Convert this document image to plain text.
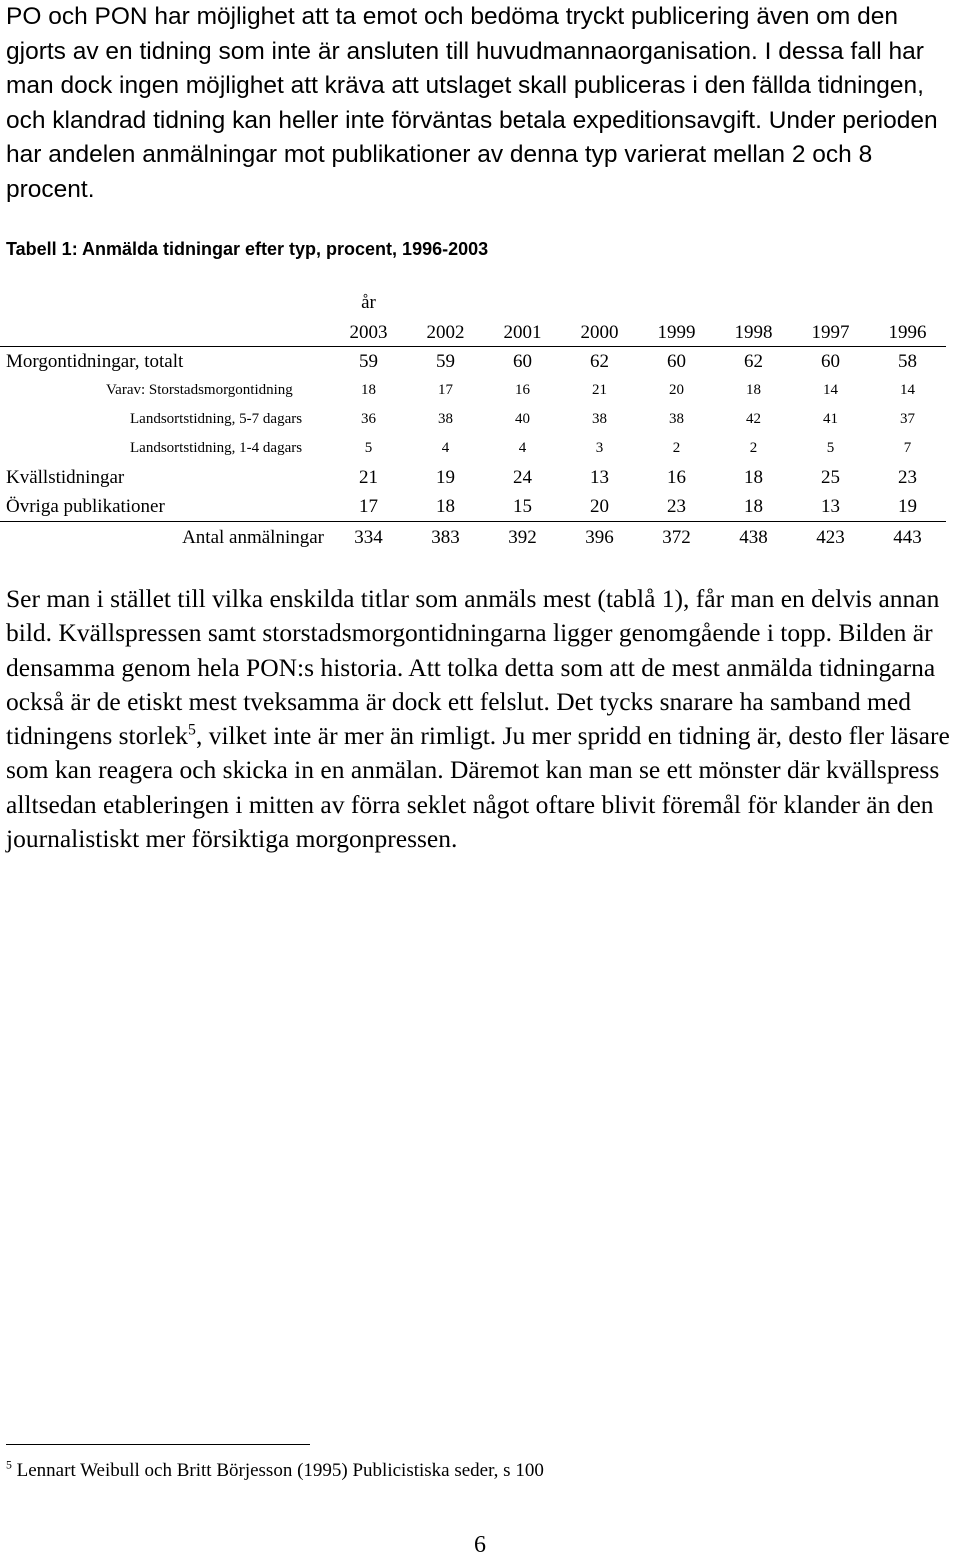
PO och PON har möjlighet att ta emot och bedöma tryckt publicering även om den gjorts av en tidning som inte är ansluten till huvudmannaorganisation. I dessa fall har man dock ingen möjlighet att kräva att utslaget skall publiceras i den fällda tidningen, och klandrad tidning kan heller inte förväntas betala expeditionsavgift. Under perioden har andelen anmälningar mot publikationer av denna typ varierat mellan 2 och 8 procent.

Tabell 1: Anmälda tidningar efter typ, procent, 1996-2003

	år							
	2003	2002	2001	2000	1999	1998	1997	1996
Morgontidningar, totalt	59	59	60	62	60	62	60	58
Varav: Storstadsmorgontidning	18	17	16	21	20	18	14	14
Landsortstidning, 5-7 dagars	36	38	40	38	38	42	41	37
Landsortstidning, 1-4 dagars	5	4	4	3	2	2	5	7
Kvällstidningar	21	19	24	13	16	18	25	23
Övriga publikationer	17	18	15	20	23	18	13	19
Antal anmälningar	334	383	392	396	372	438	423	443

Ser man i stället till vilka enskilda titlar som anmäls mest (tablå 1), får man en delvis annan bild. Kvällspressen samt storstadsmorgontidningarna ligger genomgående i topp. Bilden är densamma genom hela PON:s historia. Att tolka detta som att de mest anmälda tidningarna också är de etiskt mest tveksamma är dock ett felslut. Det tycks snarare ha samband med tidningens storlek$^5$, vilket inte är mer än rimligt. Ju mer spridd en tidning är, desto fler läsare som kan reagera och skicka in en anmälan. Däremot kan man se ett mönster där kvällspress alltsedan etableringen i mitten av förra seklet något oftare blivit föremål för klander än den journalistiskt mer försiktiga morgonpressen.

$^5$ Lennart Weibull och Britt Börjesson (1995) Publicistiska seder, s 100

6
